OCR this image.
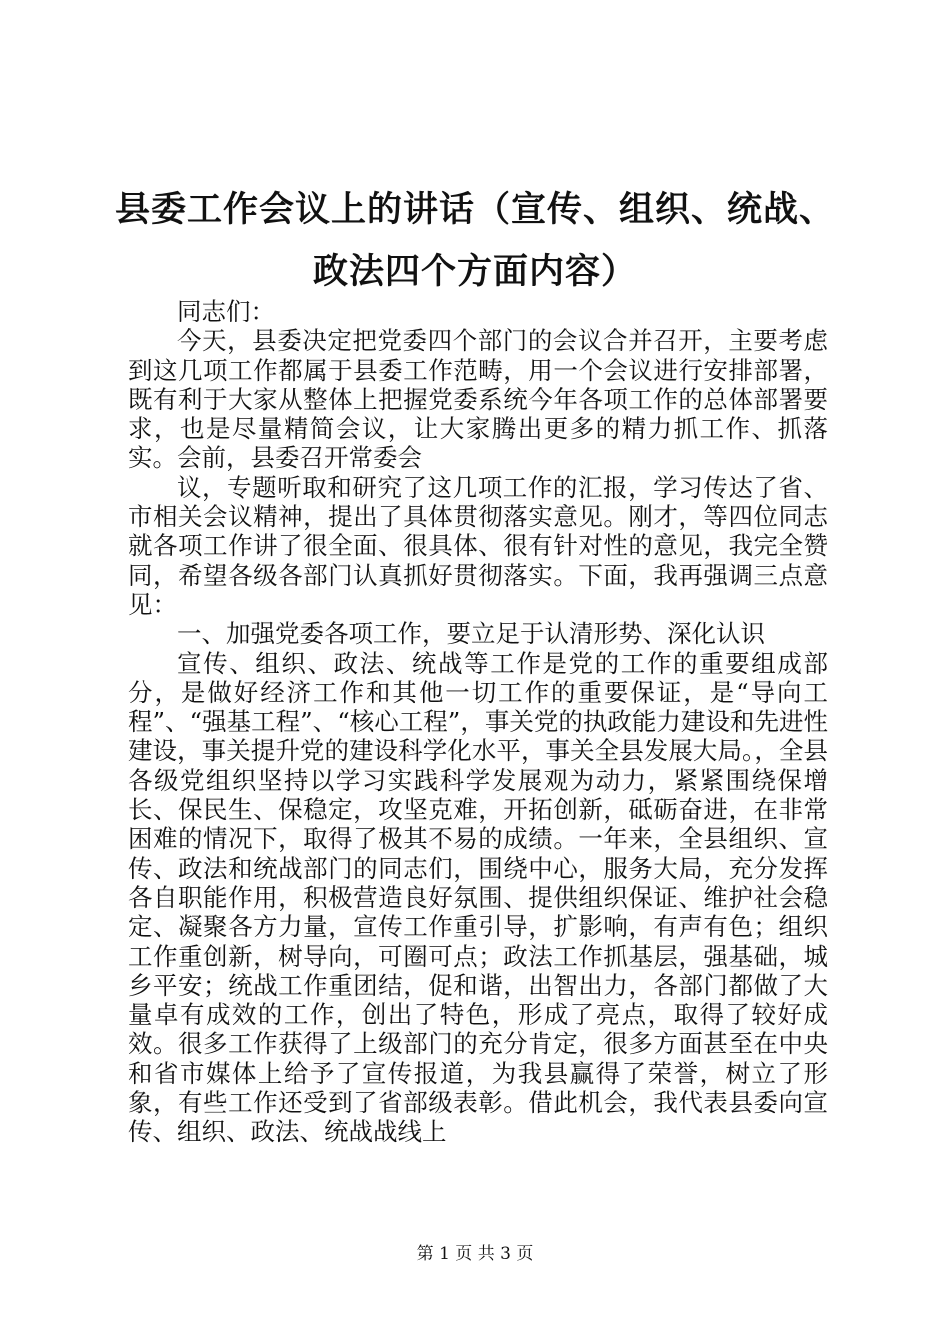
县委工作会议上的讲话（宣传、组织、统战、
政法四个方面内容）

同志们：

今天，县委决定把党委四个部门的会议合并召开，主要考虑到这几项工作都属于县委工作范畴，用一个会议进行安排部署，既有利于大家从整体上把握党委系统今年各项工作的总体部署要求，也是尽量精简会议，让大家腾出更多的精力抓工作、抓落实。会前，县委召开常委会

议，专题听取和研究了这几项工作的汇报，学习传达了省、市相关会议精神，提出了具体贯彻落实意见。刚才，等四位同志就各项工作讲了很全面、很具体、很有针对性的意见，我完全赞同，希望各级各部门认真抓好贯彻落实。下面，我再强调三点意见：

一、加强党委各项工作，要立足于认清形势、深化认识

宣传、组织、政法、统战等工作是党的工作的重要组成部分，是做好经济工作和其他一切工作的重要保证，是“导向工程”、“强基工程”、“核心工程”，事关党的执政能力建设和先进性建设，事关提升党的建设科学化水平，事关全县发展大局。，全县各级党组织坚持以学习实践科学发展观为动力，紧紧围绕保增长、保民生、保稳定，攻坚克难，开拓创新，砥砺奋进，在非常困难的情况下，取得了极其不易的成绩。一年来，全县组织、宣传、政法和统战部门的同志们，围绕中心，服务大局，充分发挥各自职能作用，积极营造良好氛围、提供组织保证、维护社会稳定、凝聚各方力量，宣传工作重引导，扩影响，有声有色；组织工作重创新，树导向，可圈可点；政法工作抓基层，强基础，城乡平安；统战工作重团结，促和谐，出智出力，各部门都做了大量卓有成效的工作，创出了特色，形成了亮点，取得了较好成效。很多工作获得了上级部门的充分肯定，很多方面甚至在中央和省市媒体上给予了宣传报道，为我县赢得了荣誉，树立了形象，有些工作还受到了省部级表彰。借此机会，我代表县委向宣传、组织、政法、统战战线上

第 1 页 共 3 页
